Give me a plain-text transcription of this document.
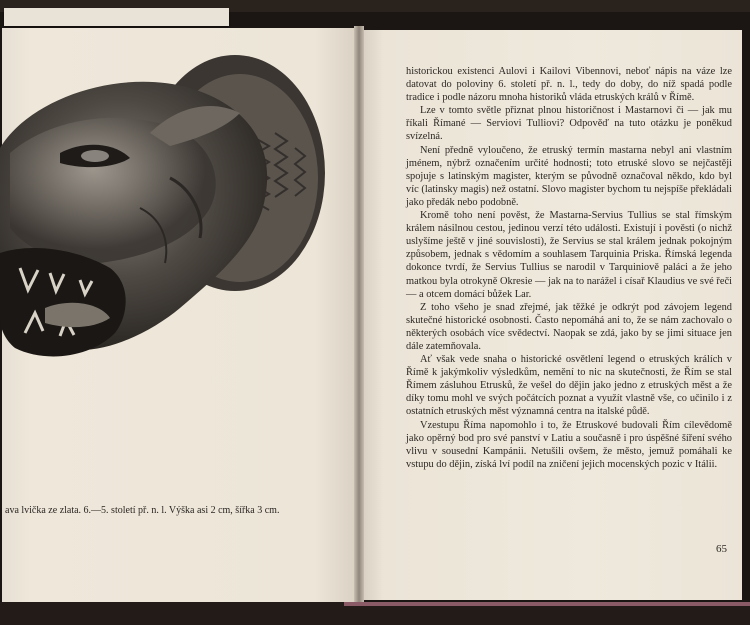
ava lvička ze zlata. 6.—5. století př. n. l. Výška asi 2 cm, šířka 3 cm.

historickou existenci Aulovi i Kailovi Vibennovi, neboť nápis na váze lze datovat do poloviny 6. století př. n. l., tedy do doby, do níž spadá podle tradice i podle názoru mnoha historiků vláda etruských králů v Římě.

Lze v tomto světle přiznat plnou historičnost i Mastarnovi či — jak mu říkali Římané — Serviovi Tulliovi? Odpověď na tuto otázku je poněkud svízelná.

Není předně vyloučeno, že etruský termín mastarna nebyl ani vlastním jménem, nýbrž označením určité hodnosti; toto etruské slovo se nejčastěji spojuje s latinským magister, kterým se původně označoval někdo, kdo byl víc (latinsky magis) než ostatní. Slovo magister bychom tu nejspíše překládali jako předák nebo podobně.

Kromě toho není pověst, že Mastarna-Servius Tullius se stal římským králem násilnou cestou, jedinou verzí této události. Existují i pověsti (o nichž uslyšíme ještě v jiné souvislosti), že Servius se stal králem jednak pokojným způsobem, jednak s vědomím a souhlasem Tarquinia Priska. Římská legenda dokonce tvrdí, že Servius Tullius se narodil v Tarquiniově paláci a že jeho matkou byla otrokyně Okresie — jak na to narážel i císař Klaudius ve své řeči — a otcem domácí bůžek Lar.

Z toho všeho je snad zřejmé, jak těžké je odkrýt pod závojem legend skutečné historické osobnosti. Často nepomáhá ani to, že se nám zachovalo o některých osobách více svědectví. Naopak se zdá, jako by se jimi situace jen dále zatemňovala.

Ať však vede snaha o historické osvětlení legend o etruských králích v Římě k jakýmkoliv výsledkům, nemění to nic na skutečnosti, že Řím se stal Římem zásluhou Etrusků, že vešel do dějin jako jedno z etruských měst a že díky tomu mohl ve svých počátcích poznat a využít vlastně vše, co učinilo i z ostatních etruských měst významná centra na italské půdě.

Vzestupu Říma napomohlo i to, že Etruskové budovali Řím cílevědomě jako opěrný bod pro své panství v Latiu a současně i pro úspěšné šíření svého vlivu v sousední Kampánii. Netušili ovšem, že město, jemuž pomáhali ke vstupu do dějin, získá lví podíl na zničení jejich mocenských pozic v Itálii.

65
